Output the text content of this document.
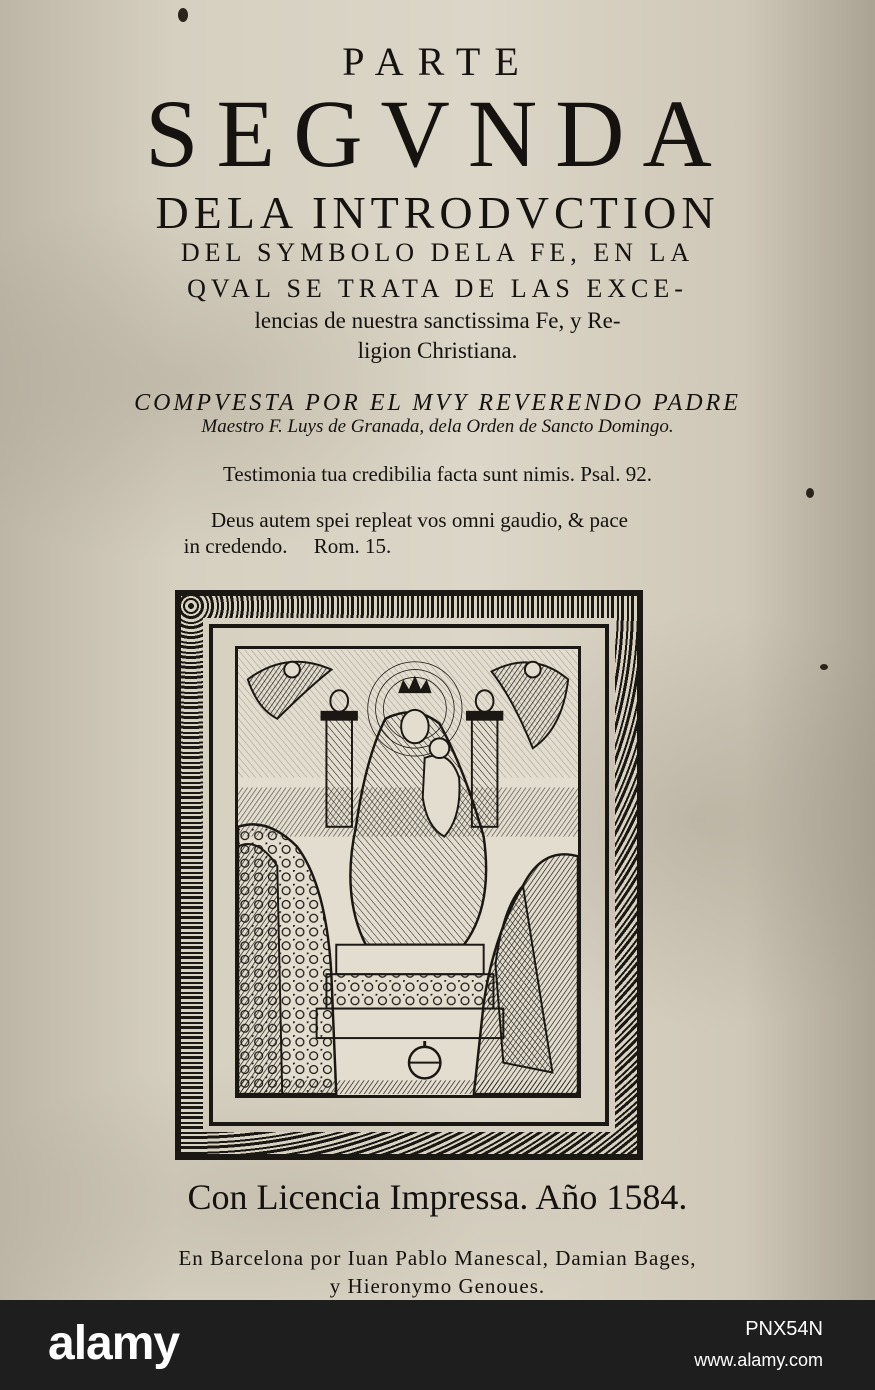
PARTE
SEGVNDA
DELA INTRODVCTION
DEL SYMBOLO DELA FE, EN LA
QVAL SE TRATA DE LAS EXCE-
lencias de nuestra sanctissima Fe, y Re-
ligion Christiana.
COMPVESTA POR EL MVY REVERENDO PADRE
Maestro F. Luys de Granada, dela Orden de Sancto Domingo.
Testimonia tua credibilia facta sunt nimis. Psal. 92.
Deus autem spei repleat vos omni gaudio, & pace
in credendo.     Rom. 15.
Con Licencia Impressa. Año 1584.
En Barcelona por Iuan Pablo Manescal, Damian Bages,
y Hieronymo Genoues.
alamy	PNX54N
www.alamy.com
